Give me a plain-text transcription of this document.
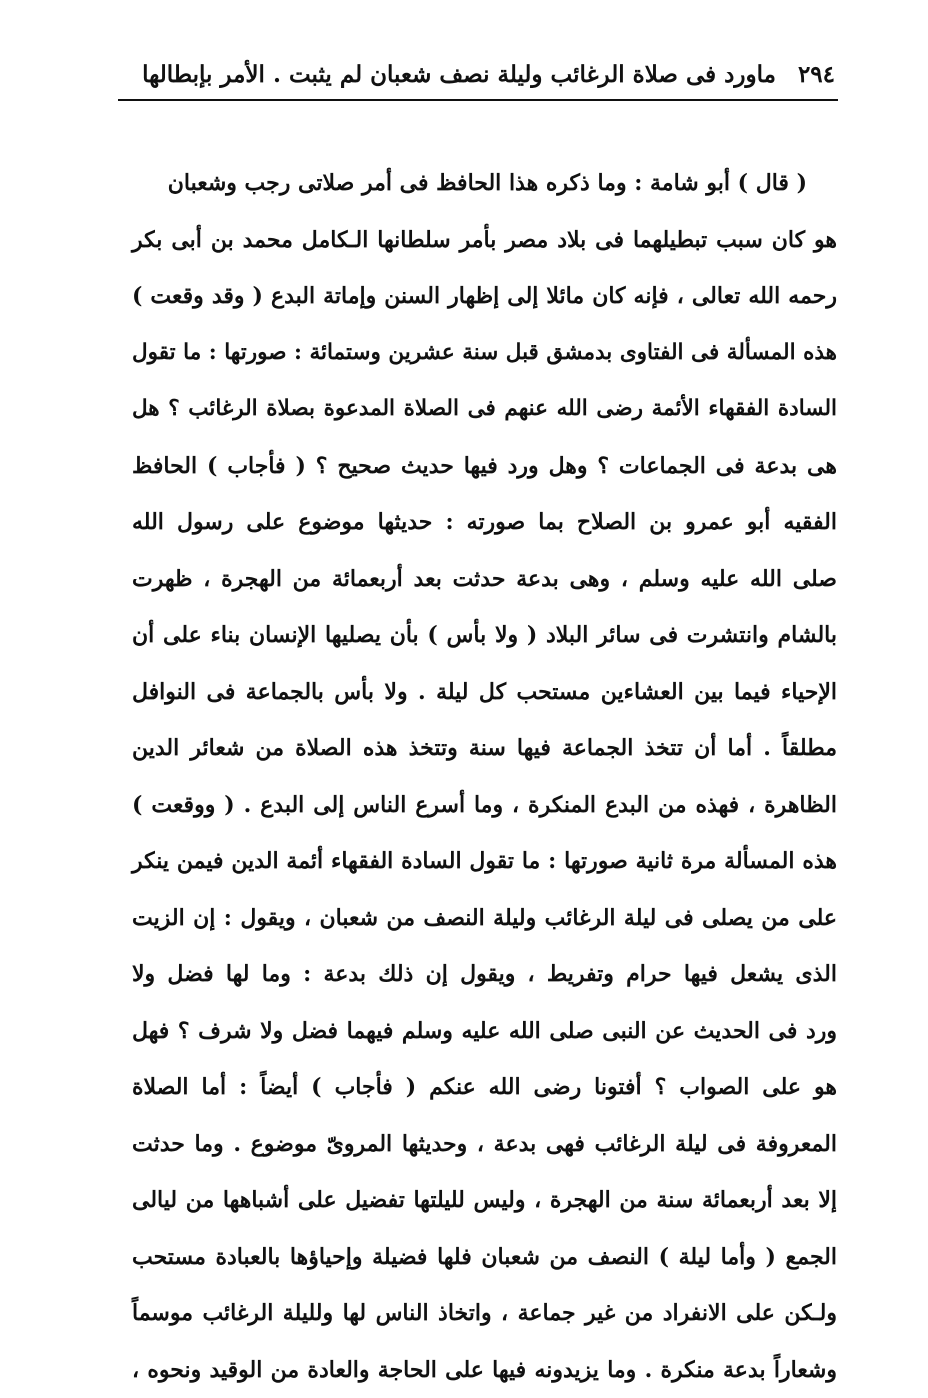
٢٩٤
ماورد فى صلاة الرغائب وليلة نصف شعبان لم يثبت . الأمر بإبطالها
( قال ) أبو شامة : وما ذكره هذا الحافظ فى أمر صلاتى رجب وشعبان
هو كان سبب تبطيلهما فى بلاد مصر بأمر سلطانها الـكامل محمد بن أبى بكر
رحمه الله تعالى ، فإنه كان مائلا إلى إظهار السنن وإماتة البدع ( وقد وقعت )
هذه المسألة فى الفتاوى بدمشق قبل سنة عشرين وستمائة : صورتها : ما تقول
السادة الفقهاء الأئمة رضى الله عنهم فى الصلاة المدعوة بصلاة الرغائب ؟ هل
هى بدعة فى الجماعات ؟ وهل ورد فيها حديث صحيح ؟ ( فأجاب ) الحافظ
الفقيه أبو عمرو بن الصلاح بما صورته : حديثها موضوع على رسول الله
صلى الله عليه وسلم ، وهى بدعة حدثت بعد أربعمائة من الهجرة ، ظهرت
بالشام وانتشرت فى سائر البلاد ( ولا بأس ) بأن يصليها الإنسان بناء على أن
الإحياء فيما بين العشاءين مستحب كل ليلة . ولا بأس بالجماعة فى النوافل
مطلقاً . أما أن تتخذ الجماعة فيها سنة وتتخذ هذه الصلاة من شعائر الدين
الظاهرة ، فهذه من البدع المنكرة ، وما أسرع الناس إلى البدع . ( ووقعت )
هذه المسألة مرة ثانية صورتها : ما تقول السادة الفقهاء أئمة الدين فيمن ينكر
على من يصلى فى ليلة الرغائب وليلة النصف من شعبان ، ويقول : إن الزيت
الذى يشعل فيها حرام وتفريط ، ويقول إن ذلك بدعة : وما لها فضل ولا
ورد فى الحديث عن النبى صلى الله عليه وسلم فيهما فضل ولا شرف ؟ فهل
هو على الصواب ؟ أفتونا رضى الله عنكم ( فأجاب ) أيضاً : أما الصلاة
المعروفة فى ليلة الرغائب فهى بدعة ، وحديثها المروىّ موضوع . وما حدثت
إلا بعد أربعمائة سنة من الهجرة ، وليس لليلتها تفضيل على أشباهها من ليالى
الجمع ( وأما ليلة ) النصف من شعبان فلها فضيلة وإحياؤها بالعبادة مستحب
ولـكن على الانفراد من غير جماعة ، واتخاذ الناس لها ولليلة الرغائب موسماً
وشعاراً بدعة منكرة . وما يزيدونه فيها على الحاجة والعادة من الوقيد ونحوه ،
